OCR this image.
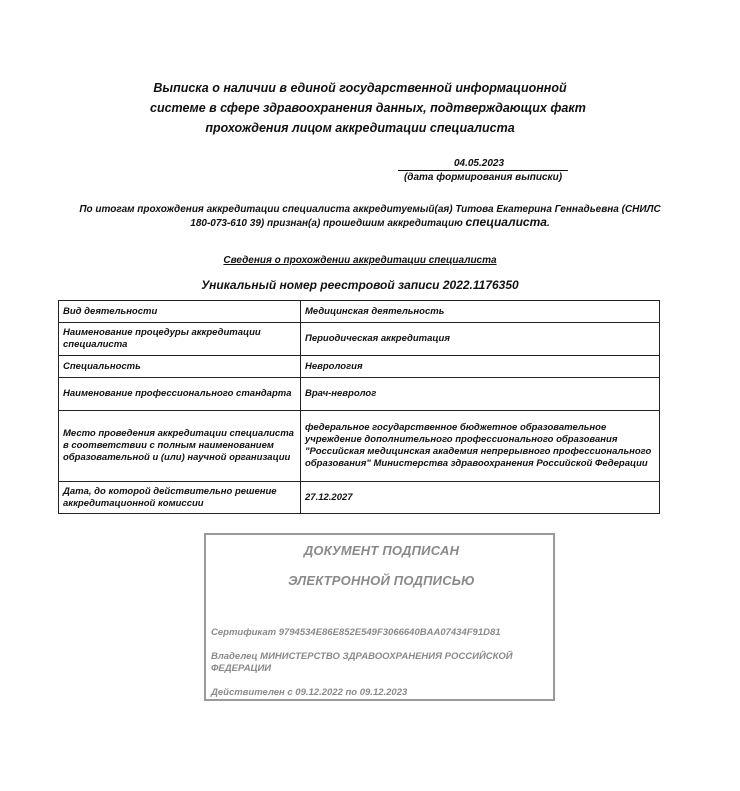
Выписка о наличии в единой государственной информационной
системе в сфере здравоохранения данных, подтверждающих факт
прохождения лицом аккредитации специалиста
04.05.2023
(дата формирования выписки)
По итогам прохождения аккредитации специалиста аккредитуемый(ая) Титова Екатерина Геннадьевна (СНИЛС
180-073-610 39) признан(а) прошедшим аккредитацию специалиста.
Сведения о прохождении аккредитации специалиста
Уникальный номер реестровой записи 2022.1176350
Вид деятельности	Медицинская деятельность
Наименование процедуры аккредитации специалиста	Периодическая аккредитация
Специальность	Неврология
Наименование профессионального стандарта	Врач-невролог
Место проведения аккредитации специалиста в соответствии с полным наименованием образовательной и (или) научной организации	федеральное государственное бюджетное образовательное учреждение дополнительного профессионального образования "Российская медицинская академия непрерывного профессионального образования" Министерства здравоохранения Российской Федерации
Дата, до которой действительно решение аккредитационной комиссии	27.12.2027
ДОКУМЕНТ ПОДПИСАН
ЭЛЕКТРОННОЙ ПОДПИСЬЮ
Сертификат 9794534E86E852E549F3066640BAA07434F91D81
Владелец МИНИСТЕРСТВО ЗДРАВООХРАНЕНИЯ РОССИЙСКОЙ ФЕДЕРАЦИИ
Действителен с 09.12.2022 по 09.12.2023
